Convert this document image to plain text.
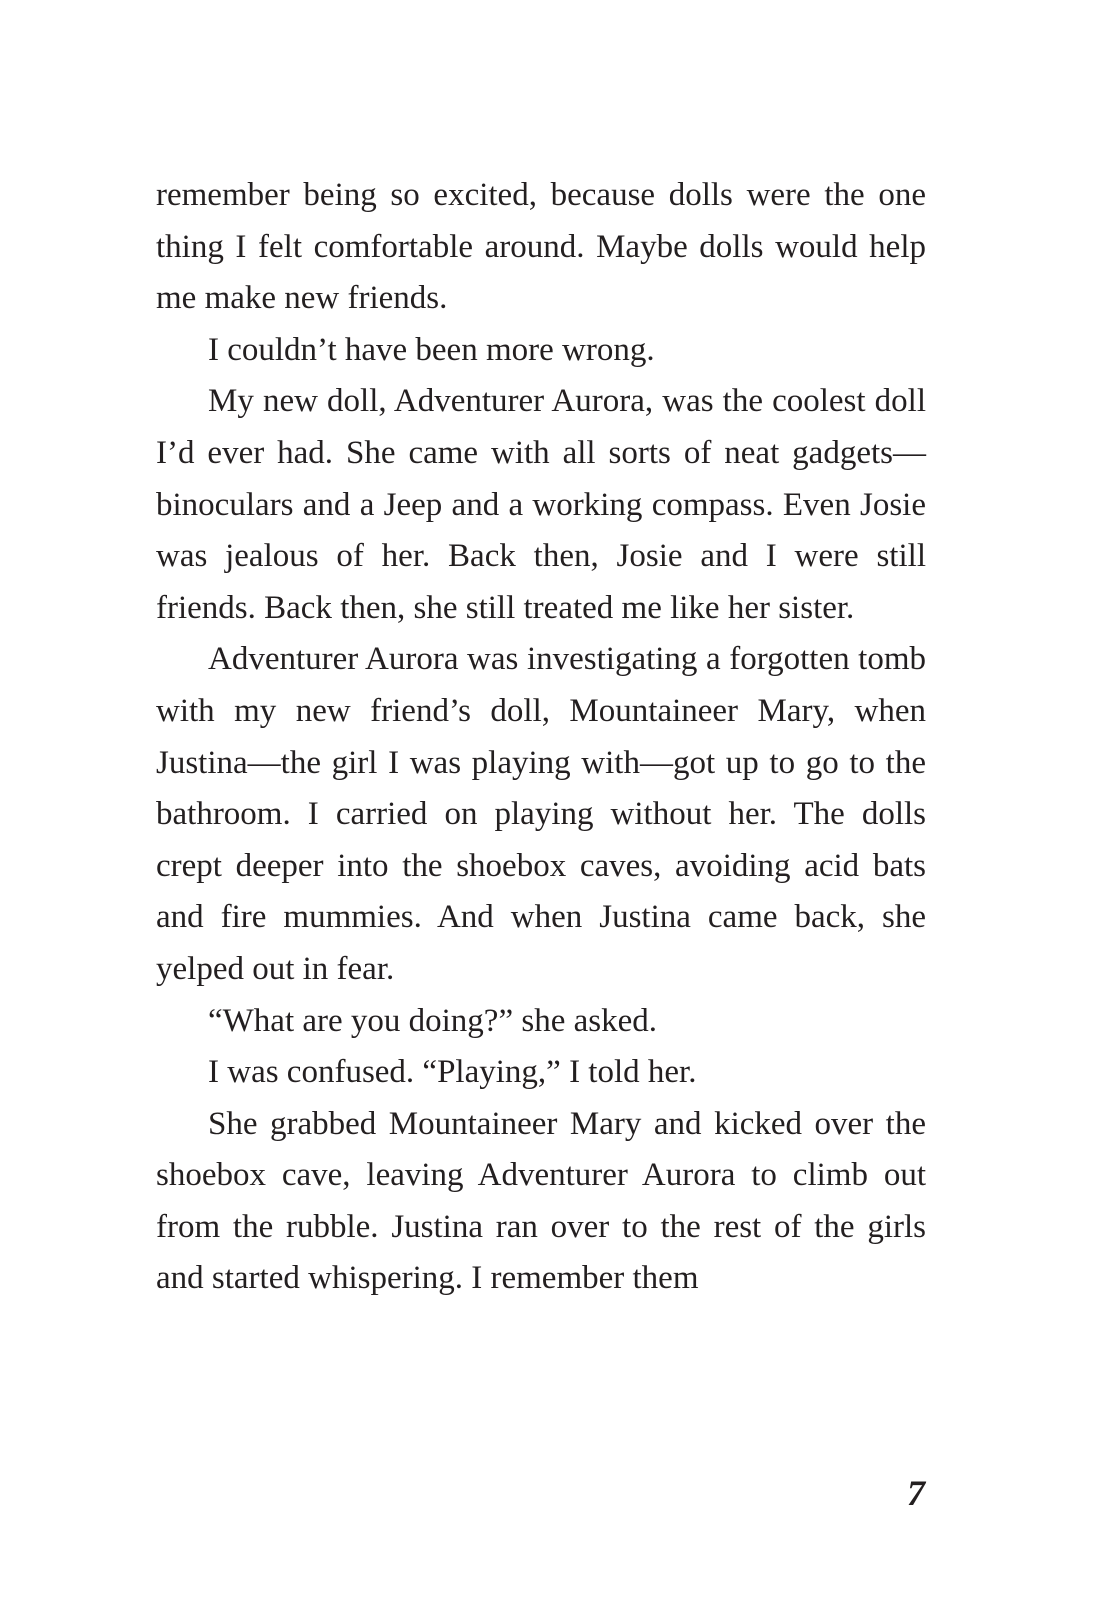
remember being so excited, because dolls were the one thing I felt comfortable around. Maybe dolls would help me make new friends.

I couldn’t have been more wrong.

My new doll, Adventurer Aurora, was the coolest doll I’d ever had. She came with all sorts of neat gadgets—binoculars and a Jeep and a working compass. Even Josie was jealous of her. Back then, Josie and I were still friends. Back then, she still treated me like her sister.

Adventurer Aurora was investigating a forgotten tomb with my new friend’s doll, Mountaineer Mary, when Justina—the girl I was playing with—got up to go to the bathroom. I carried on playing without her. The dolls crept deeper into the shoebox caves, avoiding acid bats and fire mummies. And when Justina came back, she yelped out in fear.

“What are you doing?” she asked.

I was confused. “Playing,” I told her.

She grabbed Mountaineer Mary and kicked over the shoebox cave, leaving Adventurer Aurora to climb out from the rubble. Justina ran over to the rest of the girls and started whispering. I remember them

7
